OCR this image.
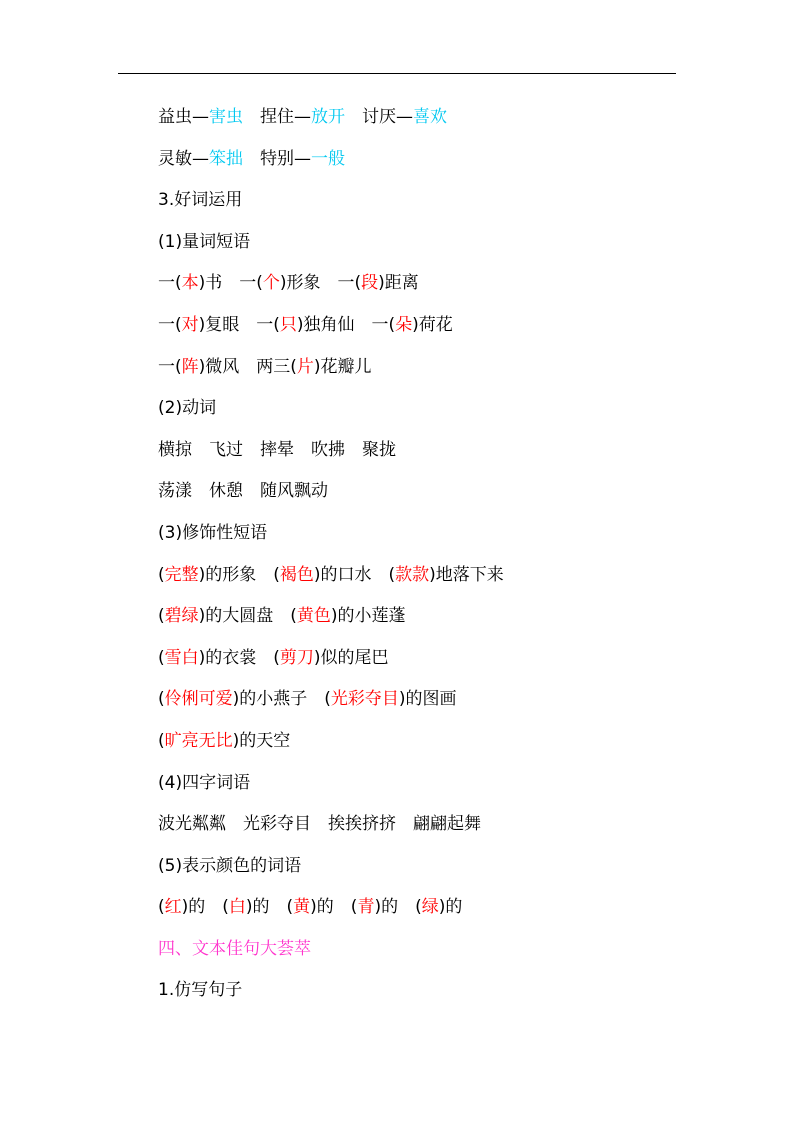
益虫—害虫　捏住—放开　讨厌—喜欢
灵敏—笨拙　特别—一般
3.好词运用
(1)量词短语
一(本)书　一(个)形象　一(段)距离
一(对)复眼　一(只)独角仙　一(朵)荷花
一(阵)微风　两三(片)花瓣儿
(2)动词
横掠　飞过　摔晕　吹拂　聚拢
荡漾　休憩　随风飘动
(3)修饰性短语
(完整)的形象　(褐色)的口水　(款款)地落下来
(碧绿)的大圆盘　(黄色)的小莲蓬
(雪白)的衣裳　(剪刀)似的尾巴
(伶俐可爱)的小燕子　(光彩夺目)的图画
(旷亮无比)的天空
(4)四字词语
波光粼粼　光彩夺目　挨挨挤挤　翩翩起舞
(5)表示颜色的词语
(红)的　(白)的　(黄)的　(青)的　(绿)的
四、文本佳句大荟萃
1.仿写句子
